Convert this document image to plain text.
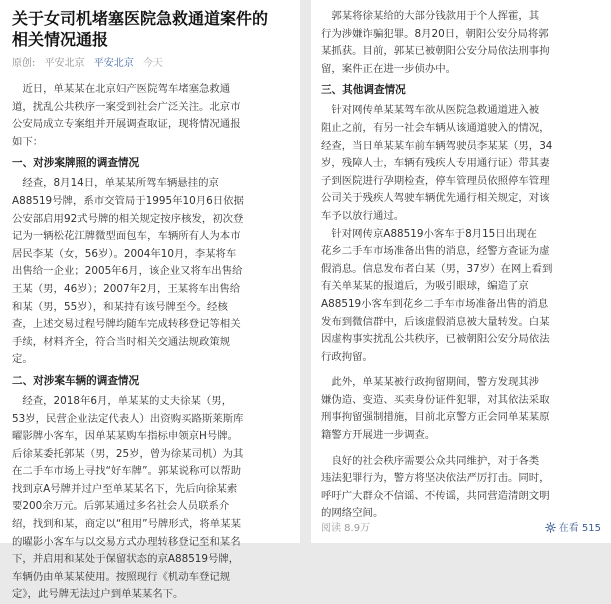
关于女司机堵塞医院急救通道案件的
相关情况通报
原创: 平安北京 平安北京 今天
　近日，单某某在北京妇产医院驾车堵塞急救通
道，扰乱公共秩序一案受到社会广泛关注。北京市
公安局成立专案组并开展调查取证，现将情况通报
如下：
一、对涉案牌照的调查情况
　经查，8月14日，单某某所驾车辆悬挂的京
A88519号牌，系市交管局于1995年10月6日依据
公安部启用92式号牌的相关规定按序核发，初次登
记为一辆松花江牌微型面包车，车辆所有人为本市
居民李某（女，56岁）。2004年10月，李某将车
出售给一企业；2005年6月，该企业又将车出售给
王某（男，46岁）；2007年2月，王某将车出售给
和某（男，55岁），和某持有该号牌至今。经核
查，上述交易过程号牌均随车完成转移登记等相关
手续，材料齐全，符合当时相关交通法规政策规
定。
二、对涉案车辆的调查情况
　经查，2018年6月，单某某的丈夫徐某（男，
53岁，民营企业法定代表人）出资购买路斯莱斯库
曜影牌小客车，因单某某购车指标申领京H号牌。
后徐某委托郭某（男，25岁，曾为徐某司机）为其
在二手车市场上寻找“好车牌”。郭某说称可以帮助
找到京A号牌并过户至单某某名下，先后向徐某索
要200余万元。后郭某通过多名社会人员联系介
绍，找到和某，商定以“租用”号牌形式，将单某某
的曜影小客车与以交易方式办理转移登记至和某名
下，并启用和某处于保留状态的京A88519号牌，
车辆仍由单某某使用。按照现行《机动车登记规
定》，此号牌无法过户到单某某名下。
　郭某将徐某给的大部分钱款用于个人挥霍，其
行为涉嫌诈骗犯罪。8月20日，朝阳公安分局将郭
某抓获。目前，郭某已被朝阳公安分局依法刑事拘
留，案件正在进一步侦办中。
三、其他调查情况
　针对网传单某某驾车欲从医院急救通道进入被
阻止之前，有另一社会车辆从该通道驶入的情况，
经查，当日单某某车前车辆驾驶员李某某（男，34
岁，残障人士，车辆有残疾人专用通行证）带其妻
子到医院进行孕期检查，停车管理员依照停车管理
公司关于残疾人驾驶车辆优先通行相关规定，对该
车予以放行通过。
　针对网传京A88519小客车于8月15日出现在
花乡二手车市场准备出售的消息，经警方查证为虚
假消息。信息发布者白某（男，37岁）在网上看到
有关单某某的报道后，为吸引眼球，编造了京
A88519小客车到花乡二手车市场准备出售的消息
发布到微信群中，后该虚假消息被大量转发。白某
因虚构事实扰乱公共秩序，已被朝阳公安分局依法
行政拘留。
　此外，单某某被行政拘留期间，警方发现其涉
嫌伪造、变造、买卖身份证件犯罪，对其依法采取
刑事拘留强制措施，目前北京警方正会同单某某原
籍警方开展进一步调查。
　良好的社会秩序需要公众共同维护，对于各类
违法犯罪行为，警方将坚决依法严厉打击。同时，
呼吁广大群众不信谣、不传谣，共同营造清朗文明
的网络空间。
阅读 8.9万	在看 515
